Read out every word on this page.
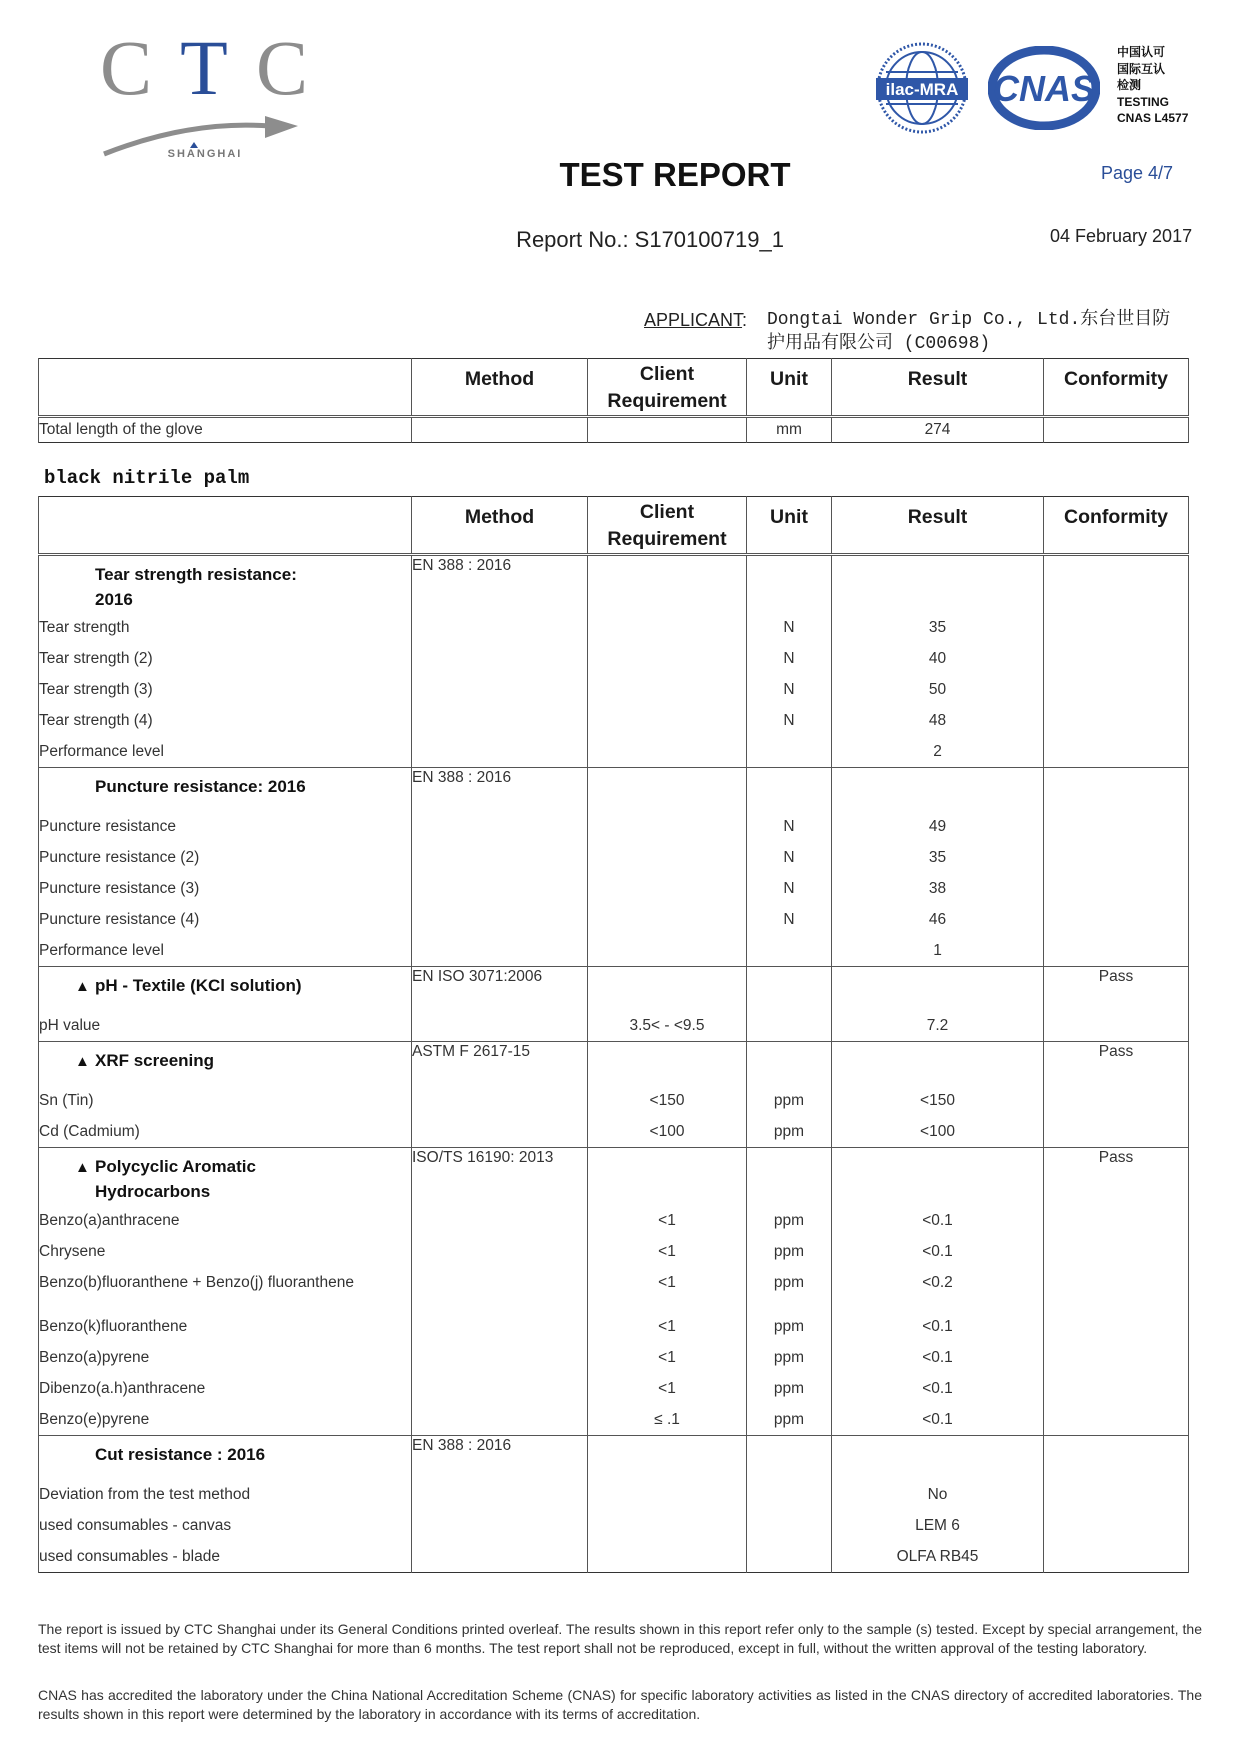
C T C
SHANGHAI
ilac-MRA CNAS
中国认可
国际互认
检测
TESTING
CNAS L4577
TEST REPORT	Page 4/7
Report No.: S170100719_1	04 February 2017
APPLICANT: Dongtai Wonder Grip Co., Ltd.东台世目防护用品有限公司 (C00698)
	Method	Client Requirement	Unit	Result	Conformity
Total length of the glove			mm	274	
black nitrile palm
	Method	Client Requirement	Unit	Result	Conformity
Tear strength resistance: 2016	EN 388 : 2016				
Tear strength			N	35	
Tear strength (2)			N	40	
Tear strength (3)			N	50	
Tear strength (4)			N	48	
Performance level				2	
Puncture resistance: 2016	EN 388 : 2016				
Puncture resistance			N	49	
Puncture resistance (2)			N	35	
Puncture resistance (3)			N	38	
Puncture resistance (4)			N	46	
Performance level				1	
▲ pH - Textile (KCl solution)	EN ISO 3071:2006				Pass
pH value		3.5< - <9.5		7.2	
▲ XRF screening	ASTM F 2617-15				Pass
Sn (Tin)		<150	ppm	<150	
Cd (Cadmium)		<100	ppm	<100	
▲ Polycyclic Aromatic Hydrocarbons	ISO/TS 16190: 2013				Pass
Benzo(a)anthracene		<1	ppm	<0.1	
Chrysene		<1	ppm	<0.1	
Benzo(b)fluoranthene + Benzo(j) fluoranthene		<1	ppm	<0.2	
Benzo(k)fluoranthene		<1	ppm	<0.1	
Benzo(a)pyrene		<1	ppm	<0.1	
Dibenzo(a.h)anthracene		<1	ppm	<0.1	
Benzo(e)pyrene		≤ .1	ppm	<0.1	
Cut resistance : 2016	EN 388 : 2016				
Deviation from the test method				No	
used consumables - canvas				LEM 6	
used consumables - blade				OLFA RB45	
The report is issued by CTC Shanghai under its General Conditions printed overleaf. The results shown in this report refer only to the sample (s) tested. Except by special arrangement, the test items will not be retained by CTC Shanghai for more than 6 months. The test report shall not be reproduced, except in full, without the written approval of the testing laboratory.
CNAS has accredited the laboratory under the China National Accreditation Scheme (CNAS) for specific laboratory activities as listed in the CNAS directory of accredited laboratories. The results shown in this report were determined by the laboratory in accordance with its terms of accreditation.
